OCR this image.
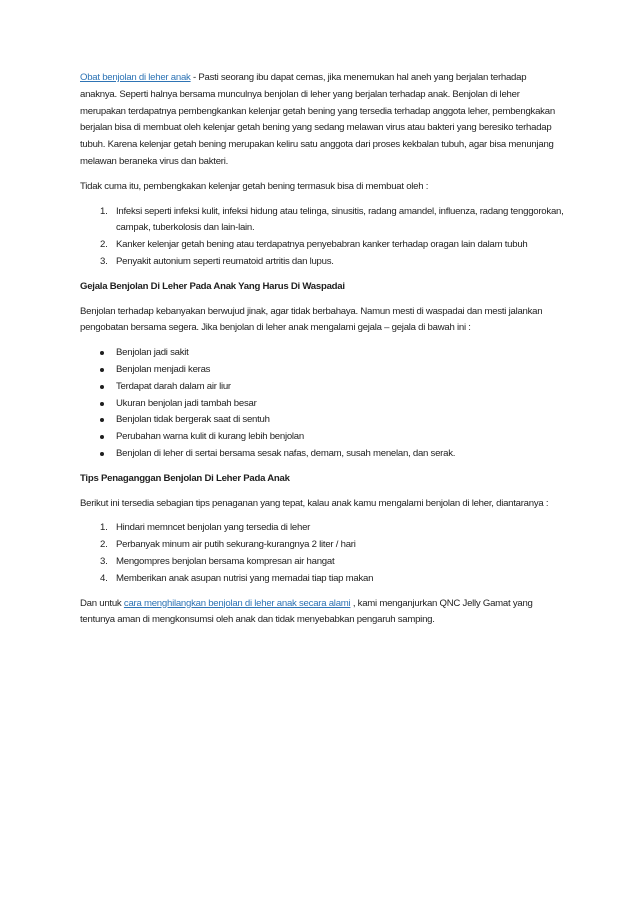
Obat benjolan di leher anak - Pasti seorang ibu dapat cemas, jika menemukan hal aneh yang berjalan terhadap anaknya. Seperti halnya bersama munculnya benjolan di leher yang berjalan terhadap anak. Benjolan di leher merupakan terdapatnya pembengkankan kelenjar getah bening yang tersedia terhadap anggota leher, pembengkakan berjalan bisa di membuat oleh kelenjar getah bening yang sedang melawan virus atau bakteri yang beresiko terhadap tubuh. Karena kelenjar getah bening merupakan keliru satu anggota dari proses kekbalan tubuh, agar bisa menunjang melawan beraneka virus dan bakteri.

Tidak cuma itu, pembengkakan kelenjar getah bening termasuk bisa di membuat oleh :

1. Infeksi seperti infeksi kulit, infeksi hidung atau telinga, sinusitis, radang amandel, influenza, radang tenggorokan, campak, tuberkolosis dan lain-lain.
2. Kanker kelenjar getah bening atau terdapatnya penyebabran kanker terhadap oragan lain dalam tubuh
3. Penyakit autonium seperti reumatoid artritis dan lupus.

Gejala Benjolan Di Leher Pada Anak Yang Harus Di Waspadai

Benjolan terhadap kebanyakan berwujud jinak, agar tidak berbahaya. Namun mesti di waspadai dan mesti jalankan pengobatan bersama segera. Jika benjolan di leher anak mengalami gejala – gejala di bawah ini :

Benjolan jadi sakit
Benjolan menjadi keras
Terdapat darah dalam air liur
Ukuran benjolan jadi tambah besar
Benjolan tidak bergerak saat di sentuh
Perubahan warna kulit di kurang lebih benjolan
Benjolan di leher di sertai bersama sesak nafas, demam, susah menelan, dan serak.

Tips Penaganggan Benjolan Di Leher Pada Anak

Berikut ini tersedia sebagian tips penaganan yang tepat, kalau anak kamu mengalami benjolan di leher, diantaranya :

1. Hindari memncet benjolan yang tersedia di leher
2. Perbanyak minum air putih sekurang-kurangnya 2 liter / hari
3. Mengompres benjolan bersama kompresan air hangat
4. Memberikan anak asupan nutrisi yang memadai tiap tiap makan

Dan untuk cara menghilangkan benjolan di leher anak secara alami , kami menganjurkan QNC Jelly Gamat yang tentunya aman di mengkonsumsi oleh anak dan tidak menyebabkan pengaruh samping.
